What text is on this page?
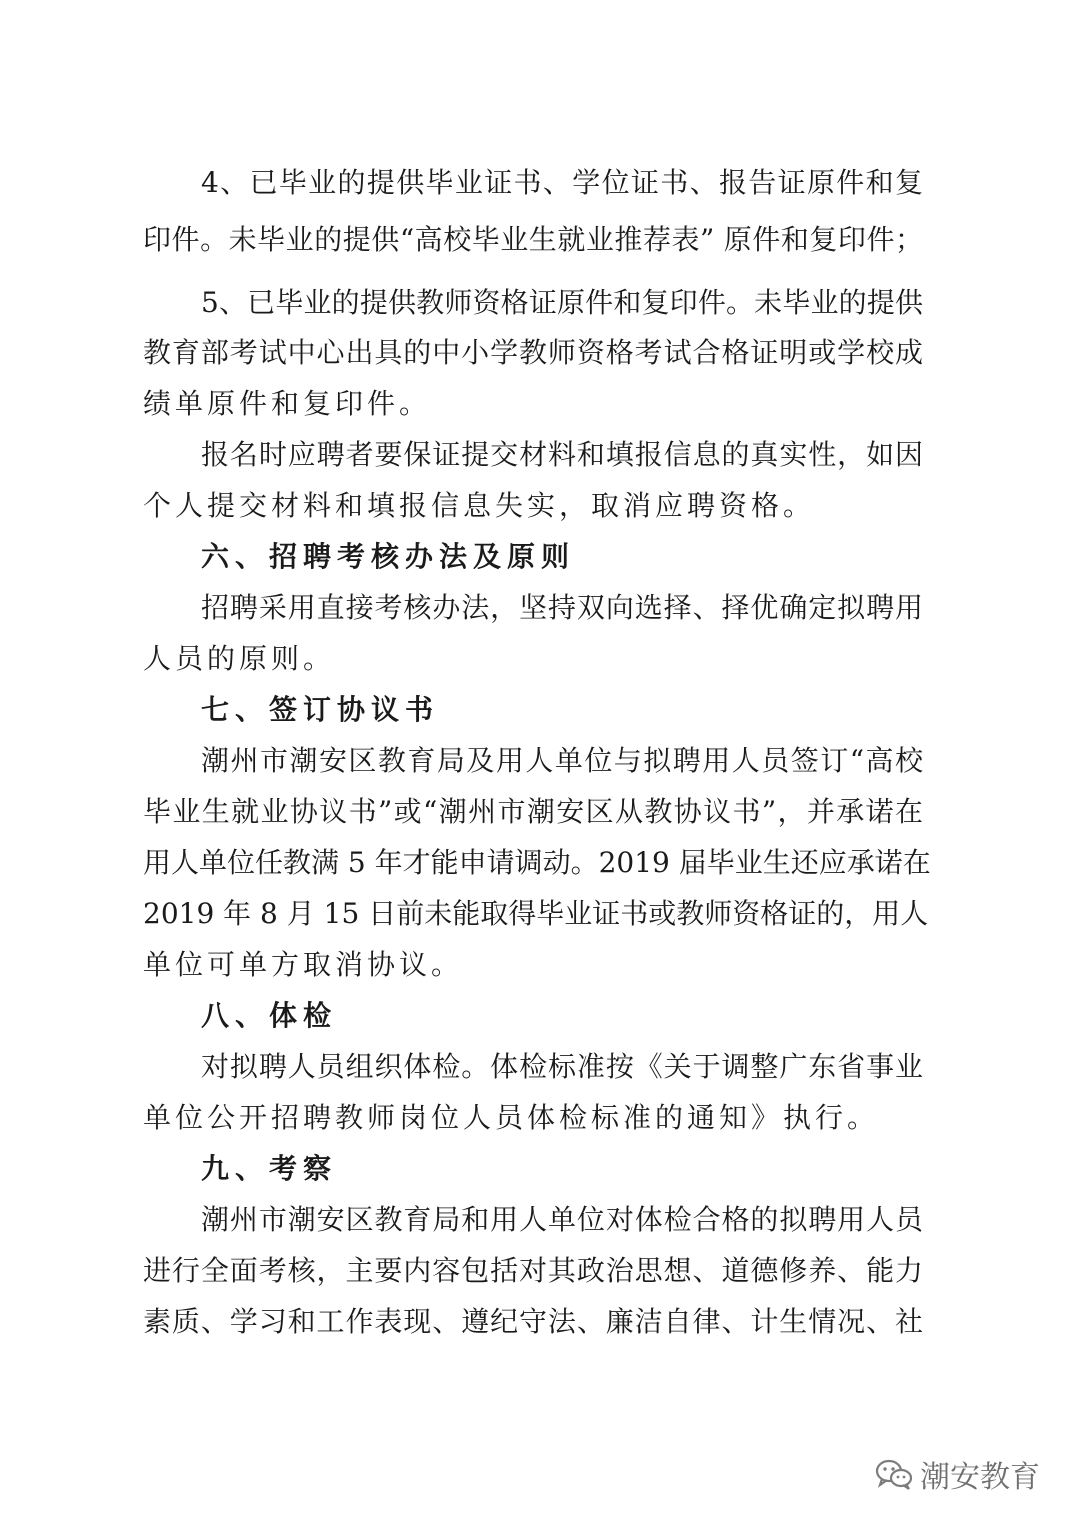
4、已毕业的提供毕业证书、学位证书、报告证原件和复
印件。未毕业的提供“高校毕业生就业推荐表” 原件和复印件；
5、已毕业的提供教师资格证原件和复印件。未毕业的提供
教育部考试中心出具的中小学教师资格考试合格证明或学校成
绩单原件和复印件。
报名时应聘者要保证提交材料和填报信息的真实性，如因
个人提交材料和填报信息失实，取消应聘资格。
六、招聘考核办法及原则
招聘采用直接考核办法，坚持双向选择、择优确定拟聘用
人员的原则。
七、签订协议书
潮州市潮安区教育局及用人单位与拟聘用人员签订“高校
毕业生就业协议书”或“潮州市潮安区从教协议书”，并承诺在
用人单位任教满 5 年才能申请调动。2019 届毕业生还应承诺在
2019 年 8 月 15 日前未能取得毕业证书或教师资格证的，用人
单位可单方取消协议。
八、体检
对拟聘人员组织体检。体检标准按《关于调整广东省事业
单位公开招聘教师岗位人员体检标准的通知》执行。
九、考察
潮州市潮安区教育局和用人单位对体检合格的拟聘用人员
进行全面考核，主要内容包括对其政治思想、道德修养、能力
素质、学习和工作表现、遵纪守法、廉洁自律、计生情况、社
潮安教育
